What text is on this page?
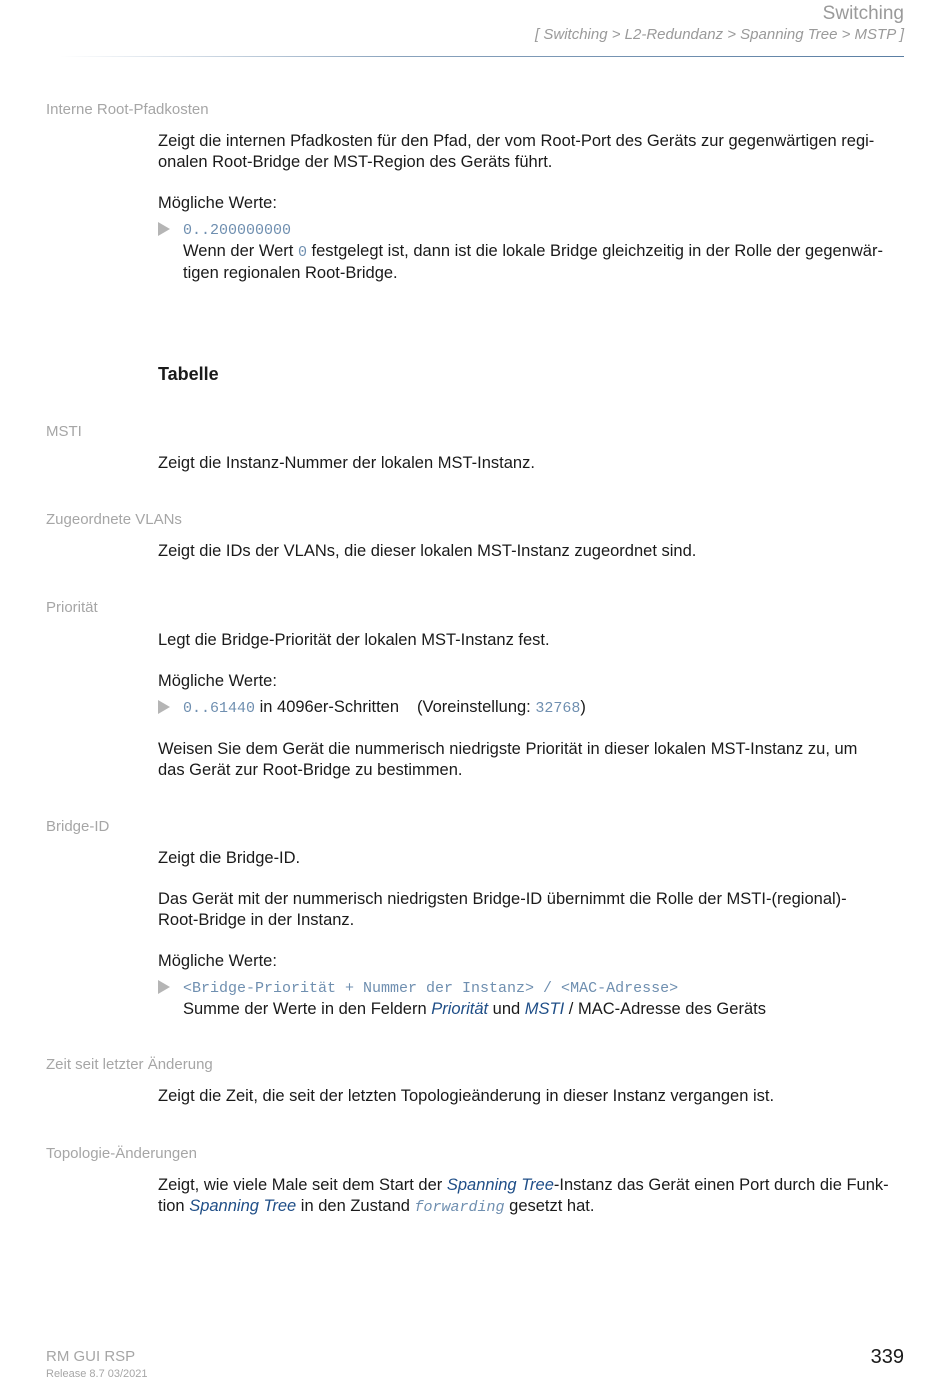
Switching
[ Switching > L2-Redundanz > Spanning Tree > MSTP ]
Interne Root-Pfadkosten
Zeigt die internen Pfadkosten für den Pfad, der vom Root-Port des Geräts zur gegenwärtigen regi-
onalen Root-Bridge der MST-Region des Geräts führt.
Mögliche Werte:
0..200000000
Wenn der Wert 0 festgelegt ist, dann ist die lokale Bridge gleichzeitig in der Rolle der gegenwär-
tigen regionalen Root-Bridge.
Tabelle
MSTI
Zeigt die Instanz-Nummer der lokalen MST-Instanz.
Zugeordnete VLANs
Zeigt die IDs der VLANs, die dieser lokalen MST-Instanz zugeordnet sind.
Priorität
Legt die Bridge-Priorität der lokalen MST-Instanz fest.
Mögliche Werte:
0..61440 in 4096er-Schritten (Voreinstellung: 32768)
Weisen Sie dem Gerät die nummerisch niedrigste Priorität in dieser lokalen MST-Instanz zu, um
das Gerät zur Root-Bridge zu bestimmen.
Bridge-ID
Zeigt die Bridge-ID.
Das Gerät mit der nummerisch niedrigsten Bridge-ID übernimmt die Rolle der MSTI-(regional)-
Root-Bridge in der Instanz.
Mögliche Werte:
<Bridge-Priorität + Nummer der Instanz> / <MAC-Adresse>
Summe der Werte in den Feldern Priorität und MSTI / MAC-Adresse des Geräts
Zeit seit letzter Änderung
Zeigt die Zeit, die seit der letzten Topologieänderung in dieser Instanz vergangen ist.
Topologie-Änderungen
Zeigt, wie viele Male seit dem Start der Spanning Tree-Instanz das Gerät einen Port durch die Funk-
tion Spanning Tree in den Zustand forwarding gesetzt hat.
RM GUI RSP
Release 8.7 03/2021
339
